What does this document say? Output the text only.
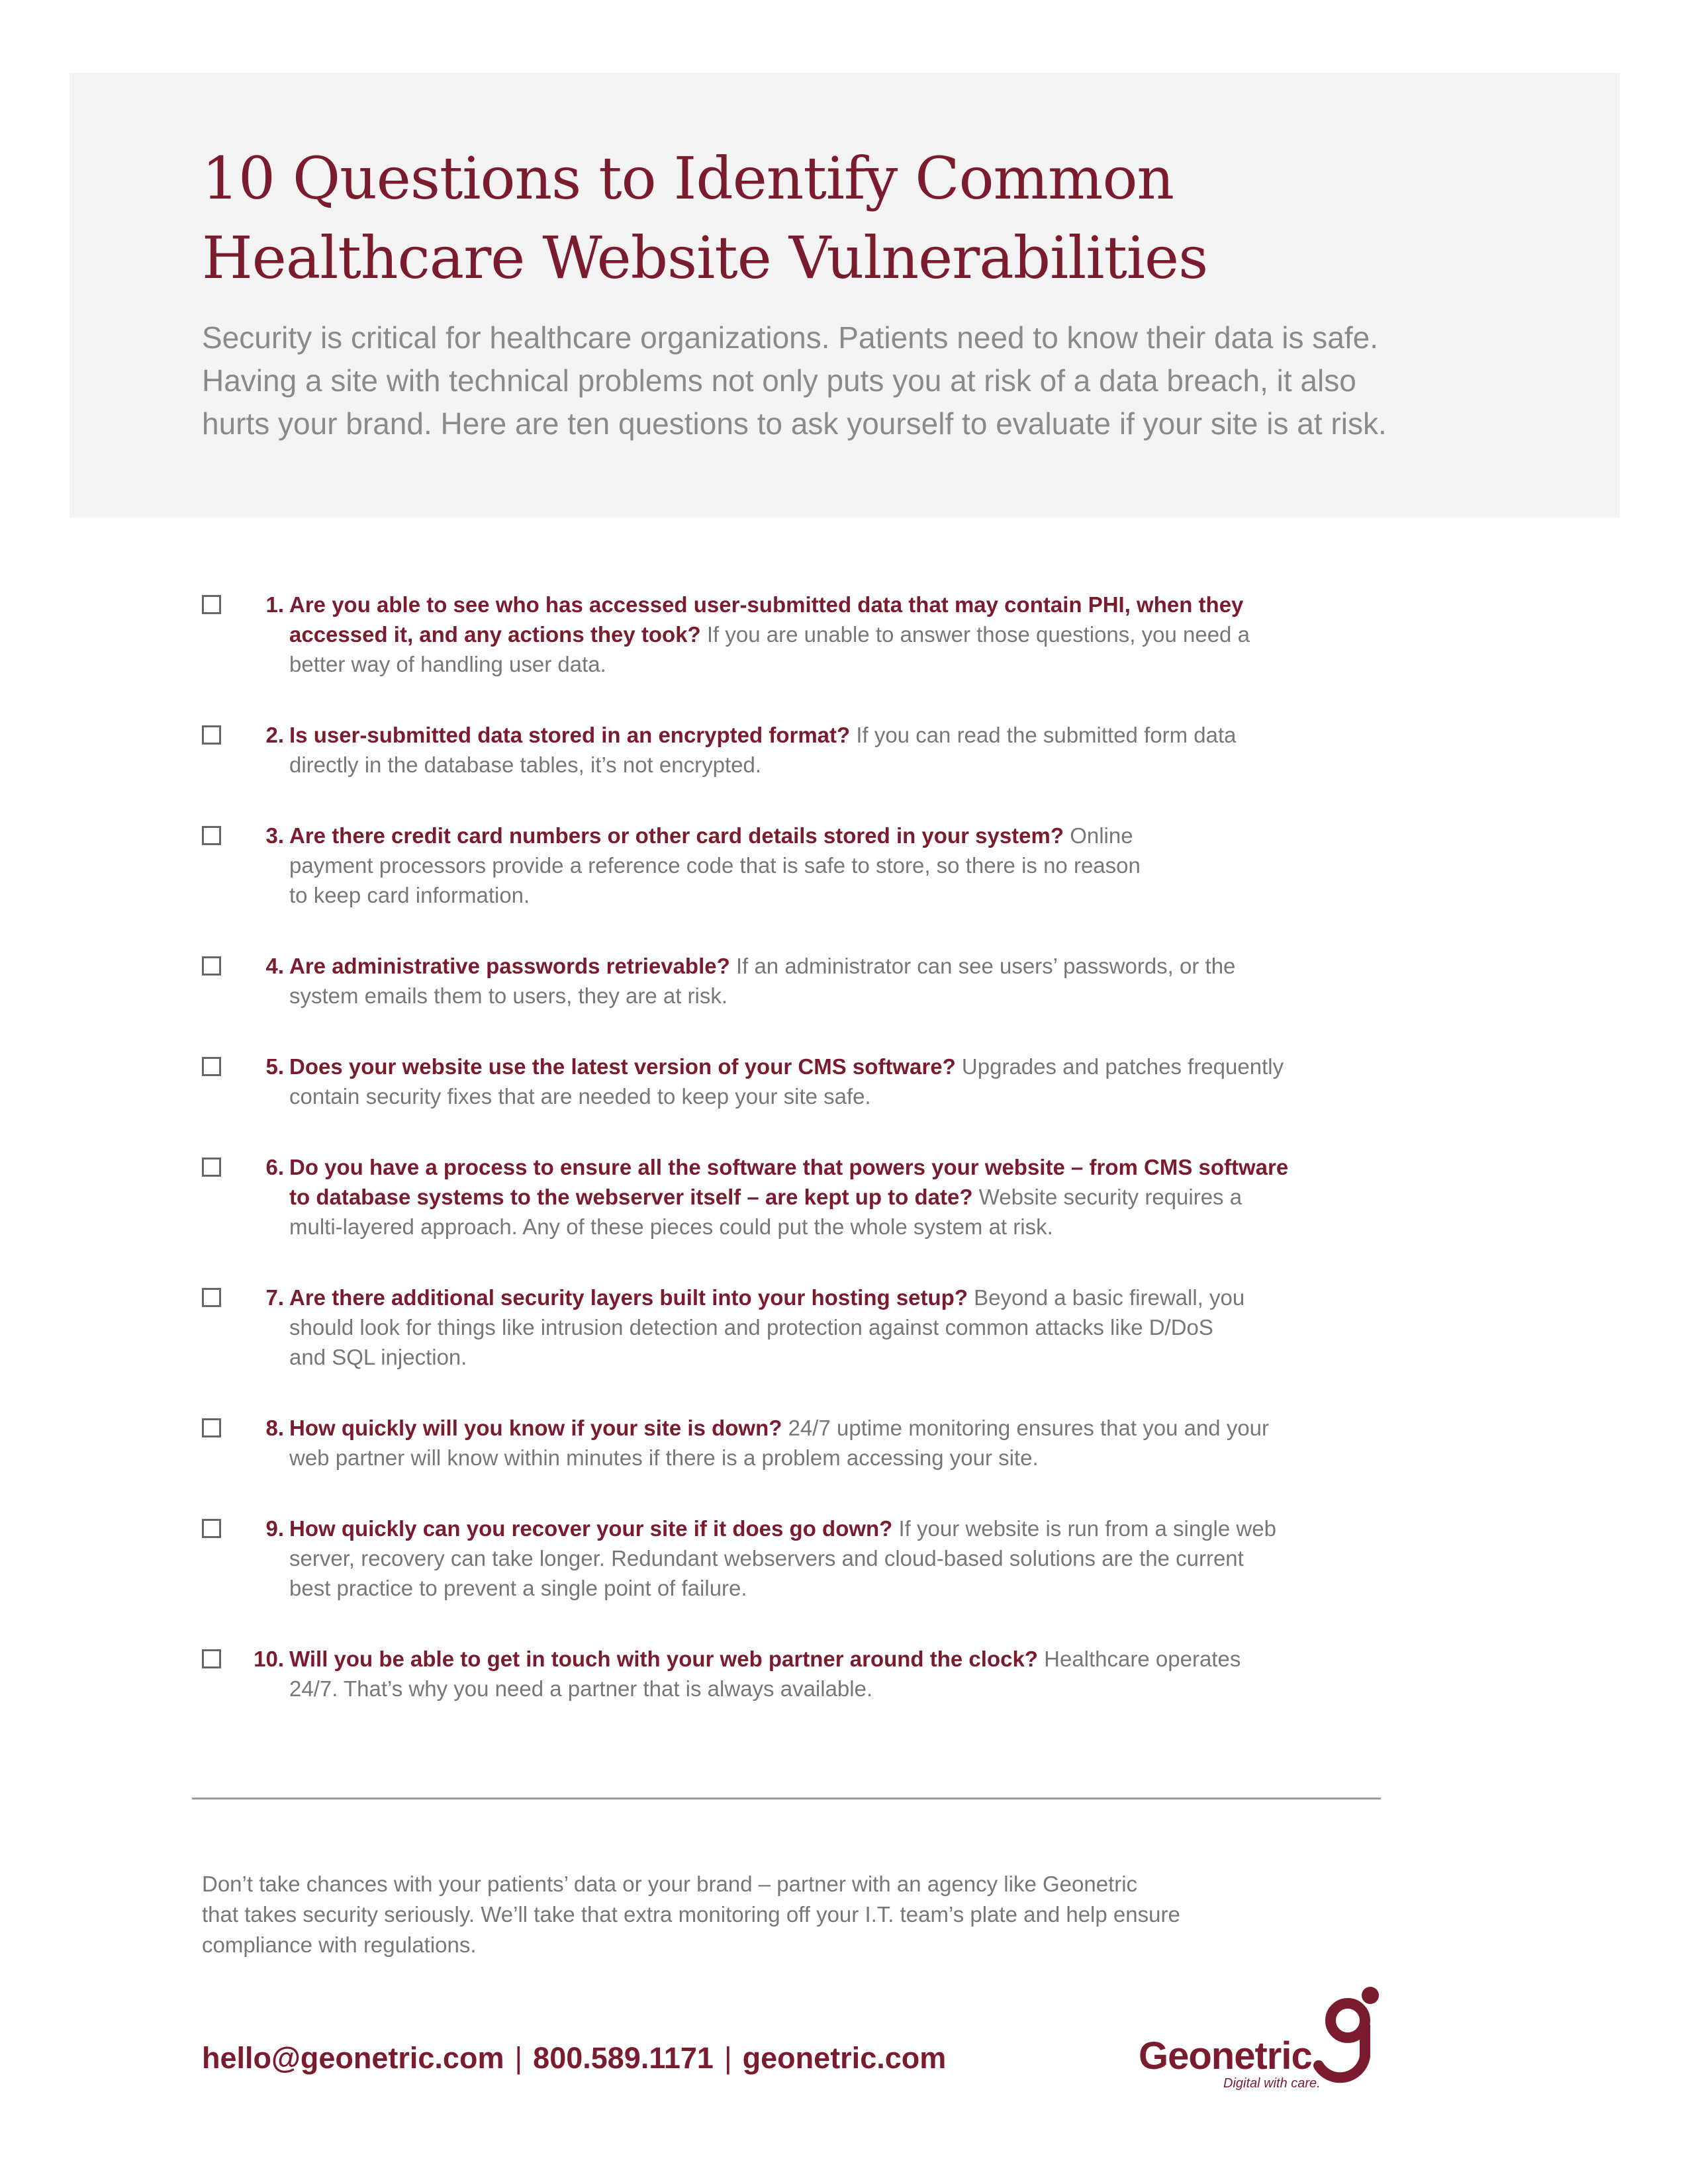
10 Questions to Identify Common
Healthcare Website Vulnerabilities
Security is critical for healthcare organizations. Patients need to know their data is safe.
Having a site with technical problems not only puts you at risk of a data breach, it also
hurts your brand. Here are ten questions to ask yourself to evaluate if your site is at risk.
1. Are you able to see who has accessed user-submitted data that may contain PHI, when they
accessed it, and any actions they took? If you are unable to answer those questions, you need a
better way of handling user data.
2. Is user-submitted data stored in an encrypted format? If you can read the submitted form data
directly in the database tables, it’s not encrypted.
3. Are there credit card numbers or other card details stored in your system? Online
payment processors provide a reference code that is safe to store, so there is no reason
to keep card information.
4. Are administrative passwords retrievable? If an administrator can see users’ passwords, or the
system emails them to users, they are at risk.
5. Does your website use the latest version of your CMS software? Upgrades and patches frequently
contain security fixes that are needed to keep your site safe.
6. Do you have a process to ensure all the software that powers your website – from CMS software
to database systems to the webserver itself – are kept up to date? Website security requires a
multi-layered approach. Any of these pieces could put the whole system at risk.
7. Are there additional security layers built into your hosting setup? Beyond a basic firewall, you
should look for things like intrusion detection and protection against common attacks like D/DoS
and SQL injection.
8. How quickly will you know if your site is down? 24/7 uptime monitoring ensures that you and your
web partner will know within minutes if there is a problem accessing your site.
9. How quickly can you recover your site if it does go down? If your website is run from a single web
server, recovery can take longer. Redundant webservers and cloud-based solutions are the current
best practice to prevent a single point of failure.
10. Will you be able to get in touch with your web partner around the clock? Healthcare operates
24/7. That’s why you need a partner that is always available.
Don’t take chances with your patients’ data or your brand – partner with an agency like Geonetric
that takes security seriously. We’ll take that extra monitoring off your I.T. team’s plate and help ensure
compliance with regulations.
hello@geonetric.com | 800.589.1171 | geonetric.com	Geonetric
Digital with care.
